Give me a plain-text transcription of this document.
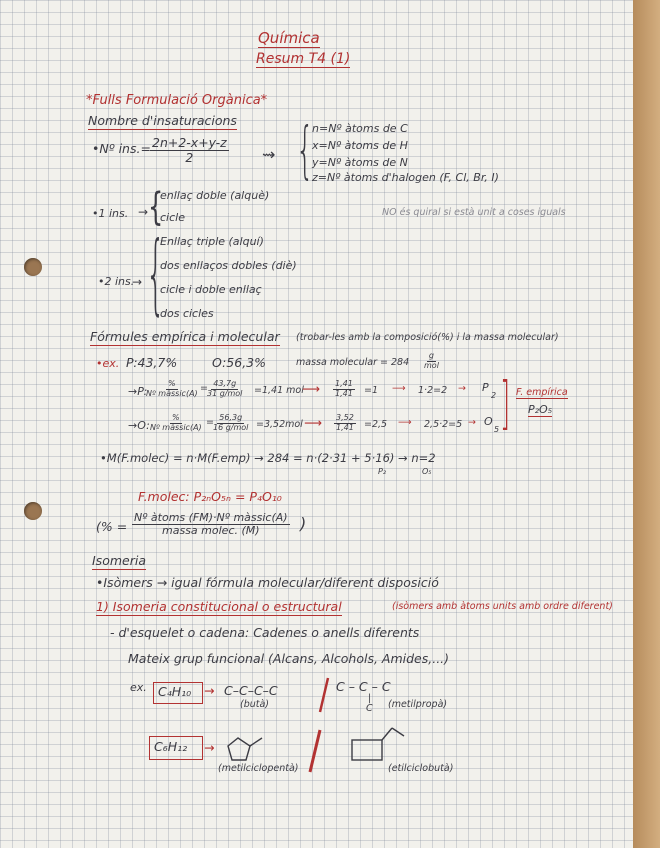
Química
Resum T4 (1)
*Fulls Formulació Orgànica*
Nombre d'insaturacions
•Nº $ins.= \frac{2n+2-x+y-z}{2}$ ⇝ {
n=Nº àtoms de C
x=Nº àtoms de H
y=Nº àtoms de N
z=Nº àtoms d'halogen (F, Cl, Br, I)
•1 ins. → {
enllaç doble (alquè)
cicle	NO és quiral si està unit a coses iguals
•2 ins.
→ {
Enllaç triple (alquí)
dos enllaços dobles (diè)
cicle i doble enllaç
dos cicles
Fórmules empírica i molecular (trobar-les amb la composició(%) i la massa molecular)
•ex. P:43,7%	O:56,3%	massa molecular = 284
g
mol
→P:
%
Nº màssic(A) = 43,7g
31 g/mol =1,41 mol
⟶ $\frac{1,41}{1,41} =1$ ⟶ 1·2=2 → P
2
→O:
%
Nº màssic(A) = 56,3g
16 g/mol =3,52mol ⟶ $\frac{3,52}{1,41} =2,5$ ⟶ 2,5·2=5 → O
5 ] F. empírica
P₂O₅
•M(F.molec) = n·M(F.emp) → 284 = n·(2·31 + 5·16) → n=2
P₂	O₅
F.molec: P₂ₙO₅ₙ = P₄O₁₀
(% =
Nº àtoms (FM)·Nº màssic(A)
massa molec. (M)	)
Isomeria
•Isòmers → igual fórmula molecular/diferent disposició
1) Isomeria constitucional o estructural	(isòmers amb àtoms units amb ordre diferent)
- d'esquelet o cadena: Cadenes o anells diferents
Mateix grup funcional (Alcans, Alcohols, Amides,...)
ex. C₄H₁₀ → C–C–C–C
(butà)
C – C – C
|
C (metilpropà)
C₆H₁₂ →
(metilciclopentà)	(etilciclobutà)
